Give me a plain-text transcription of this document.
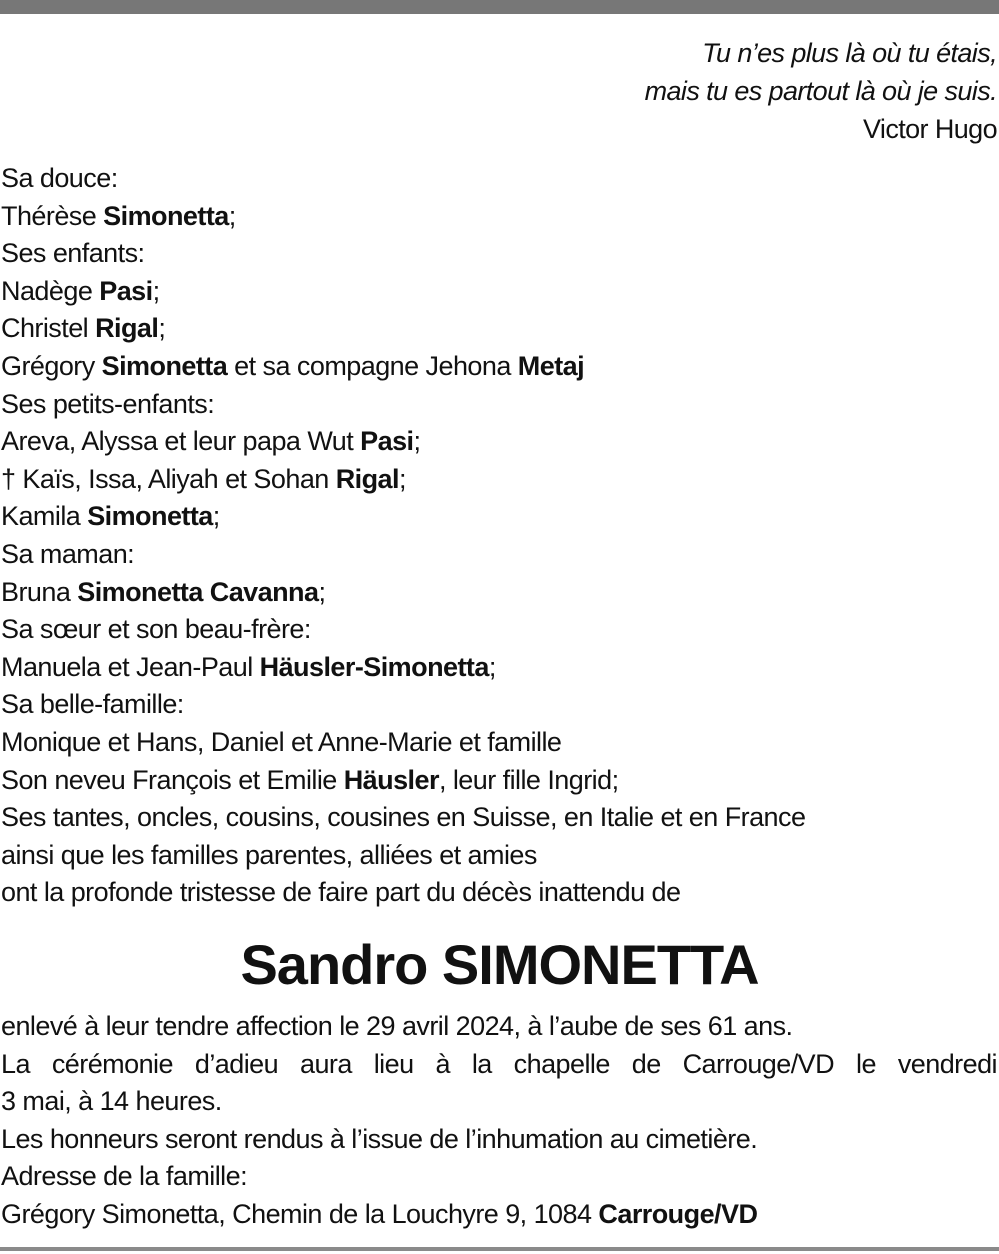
Tu n’es plus là où tu étais,
mais tu es partout là où je suis.
Victor Hugo
Sa douce:
Thérèse Simonetta;
Ses enfants:
Nadège Pasi;
Christel Rigal;
Grégory Simonetta et sa compagne Jehona Metaj
Ses petits-enfants:
Areva, Alyssa et leur papa Wut Pasi;
† Kaïs, Issa, Aliyah et Sohan Rigal;
Kamila Simonetta;
Sa maman:
Bruna Simonetta Cavanna;
Sa sœur et son beau-frère:
Manuela et Jean-Paul Häusler-Simonetta;
Sa belle-famille:
Monique et Hans, Daniel et Anne-Marie et famille
Son neveu François et Emilie Häusler, leur fille Ingrid;
Ses tantes, oncles, cousins, cousines en Suisse, en Italie et en France
ainsi que les familles parentes, alliées et amies
ont la profonde tristesse de faire part du décès inattendu de
Sandro SIMONETTA
enlevé à leur tendre affection le 29 avril 2024, à l’aube de ses 61 ans.
La cérémonie d’adieu aura lieu à la chapelle de Carrouge/VD le vendredi
3 mai, à 14 heures.
Les honneurs seront rendus à l’issue de l’inhumation au cimetière.
Adresse de la famille:
Grégory Simonetta, Chemin de la Louchyre 9, 1084 Carrouge/VD
